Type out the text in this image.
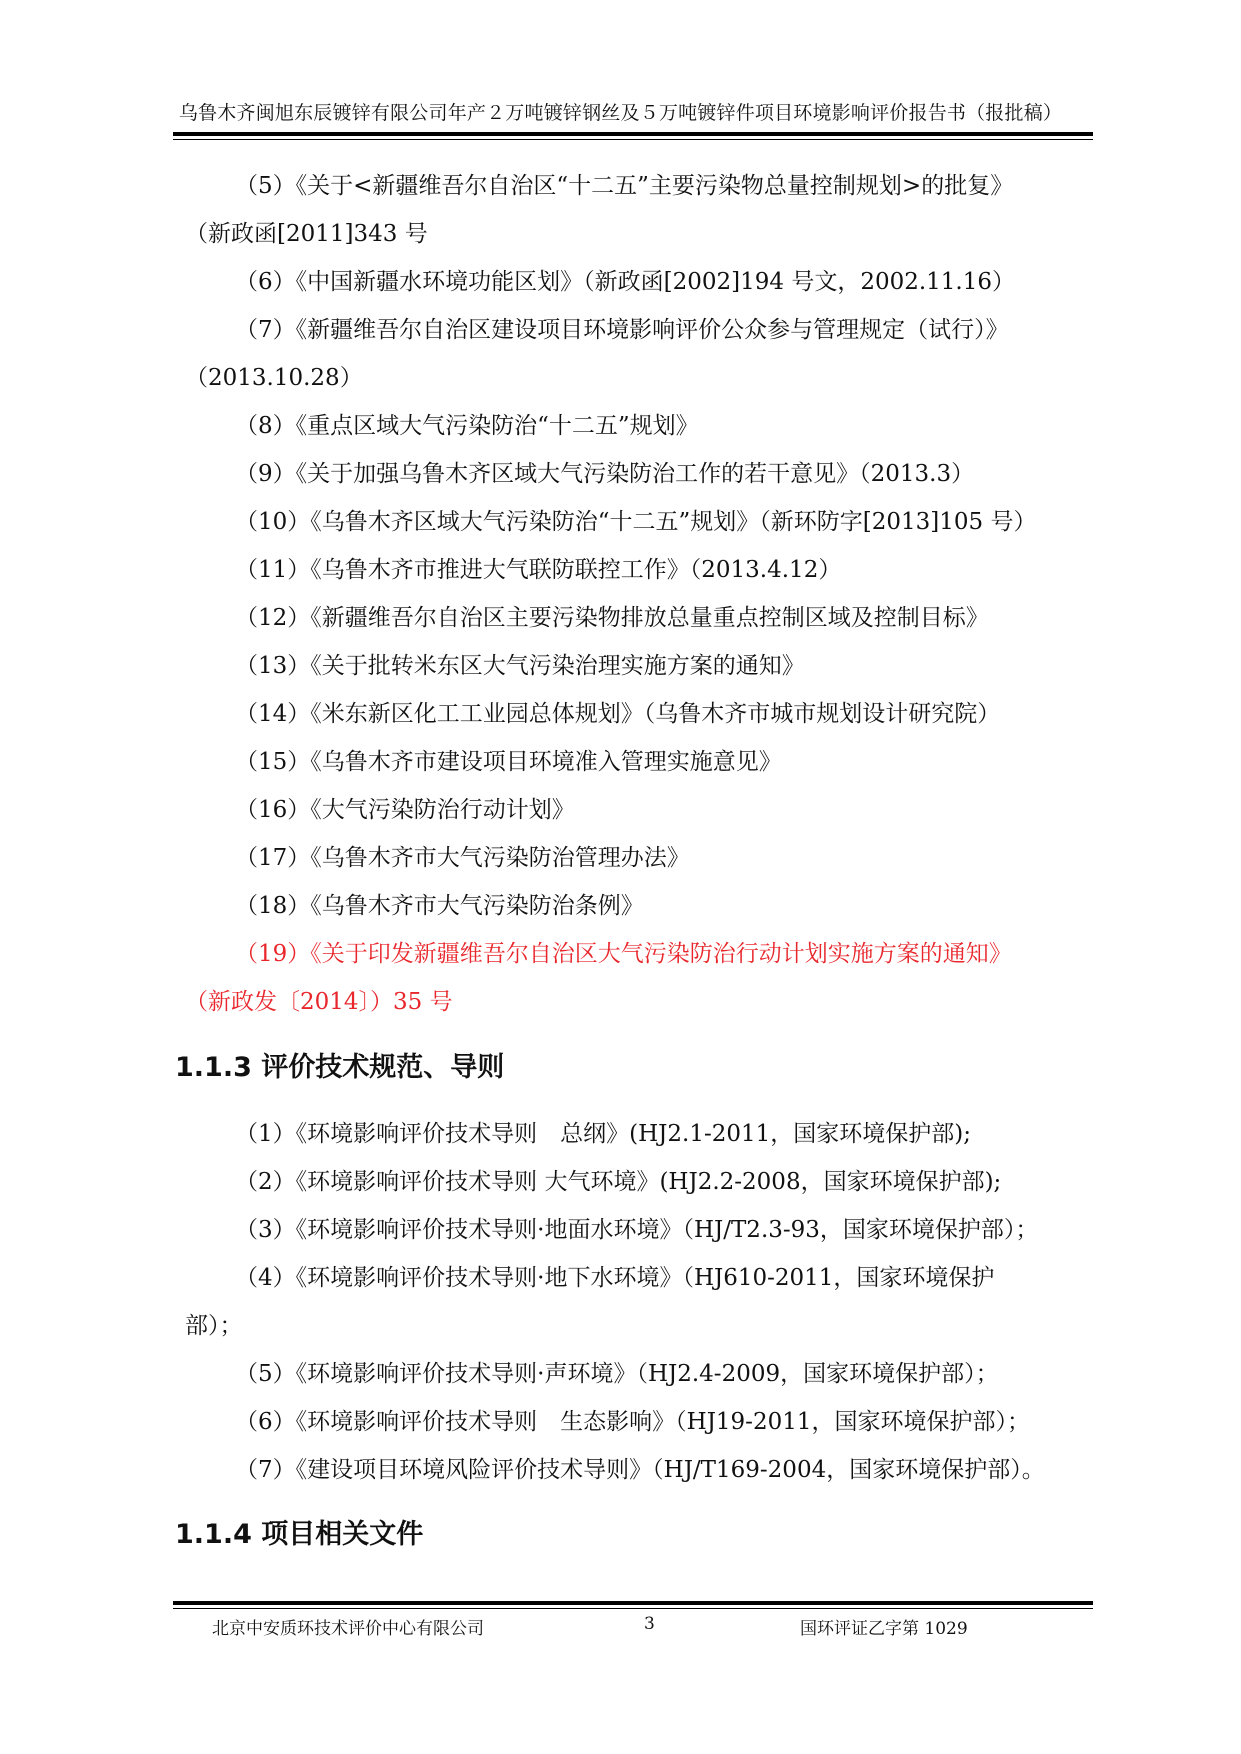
乌鲁木齐闽旭东辰镀锌有限公司年产２万吨镀锌钢丝及５万吨镀锌件项目环境影响评价报告书（报批稿）
（5）《关于<新疆维吾尔自治区“十二五”主要污染物总量控制规划>的批复》
（新政函[2011]343 号
（6）《中国新疆水环境功能区划》（新政函[2002]194 号文，2002.11.16）
（7）《新疆维吾尔自治区建设项目环境影响评价公众参与管理规定（试行）》
（2013.10.28）
（8）《重点区域大气污染防治“十二五”规划》
（9）《关于加强乌鲁木齐区域大气污染防治工作的若干意见》（2013.3）
（10）《乌鲁木齐区域大气污染防治“十二五”规划》（新环防字[2013]105 号）
（11）《乌鲁木齐市推进大气联防联控工作》（2013.4.12）
（12）《新疆维吾尔自治区主要污染物排放总量重点控制区域及控制目标》
（13）《关于批转米东区大气污染治理实施方案的通知》
（14）《米东新区化工工业园总体规划》（乌鲁木齐市城市规划设计研究院）
（15）《乌鲁木齐市建设项目环境准入管理实施意见》
（16）《大气污染防治行动计划》
（17）《乌鲁木齐市大气污染防治管理办法》
（18）《乌鲁木齐市大气污染防治条例》
（19）《关于印发新疆维吾尔自治区大气污染防治行动计划实施方案的通知》
（新政发〔2014〕）35 号
1.1.3 评价技术规范、导则
（1）《环境影响评价技术导则　总纲》(HJ2.1-2011，国家环境保护部);
（2）《环境影响评价技术导则 大气环境》(HJ2.2-2008，国家环境保护部);
（3）《环境影响评价技术导则·地面水环境》（HJ/T2.3-93，国家环境保护部）；
（4）《环境影响评价技术导则·地下水环境》（HJ610-2011，国家环境保护
部）；
（5）《环境影响评价技术导则·声环境》（HJ2.4-2009，国家环境保护部）；
（6）《环境影响评价技术导则　生态影响》（HJ19-2011，国家环境保护部）；
（7）《建设项目环境风险评价技术导则》（HJ/T169-2004，国家环境保护部）。
1.1.4 项目相关文件
北京中安质环技术评价中心有限公司	3	国环评证乙字第 1029
